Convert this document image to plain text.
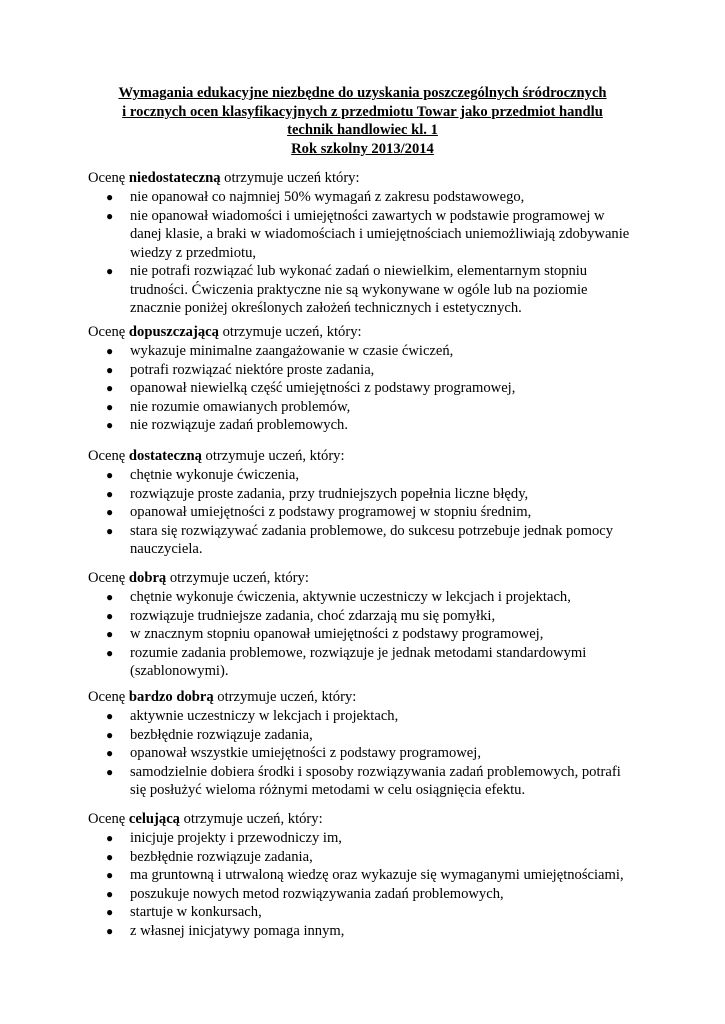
Wymagania edukacyjne niezbędne do uzyskania poszczególnych śródrocznych
i rocznych ocen klasyfikacyjnych z przedmiotu Towar jako przedmiot handlu
technik handlowiec kl. 1
Rok szkolny 2013/2014
Ocenę niedostateczną otrzymuje uczeń który:
● nie opanował co najmniej 50% wymagań z zakresu podstawowego,
● nie opanował wiadomości i umiejętności zawartych w podstawie programowej w
danej klasie, a braki w wiadomościach i umiejętnościach uniemożliwiają zdobywanie
wiedzy z przedmiotu,
● nie potrafi rozwiązać lub wykonać zadań o niewielkim, elementarnym stopniu
trudności. Ćwiczenia praktyczne nie są wykonywane w ogóle lub na poziomie
znacznie poniżej określonych założeń technicznych i estetycznych.
Ocenę dopuszczającą otrzymuje uczeń, który:
● wykazuje minimalne zaangażowanie w czasie ćwiczeń,
● potrafi rozwiązać niektóre proste zadania,
● opanował niewielką część umiejętności z podstawy programowej,
● nie rozumie omawianych problemów,
● nie rozwiązuje zadań problemowych.
Ocenę dostateczną otrzymuje uczeń, który:
● chętnie wykonuje ćwiczenia,
● rozwiązuje proste zadania, przy trudniejszych popełnia liczne błędy,
● opanował umiejętności z podstawy programowej w stopniu średnim,
● stara się rozwiązywać zadania problemowe, do sukcesu potrzebuje jednak pomocy
nauczyciela.
Ocenę dobrą otrzymuje uczeń, który:
● chętnie wykonuje ćwiczenia, aktywnie uczestniczy w lekcjach i projektach,
● rozwiązuje trudniejsze zadania, choć zdarzają mu się pomyłki,
● w znacznym stopniu opanował umiejętności z podstawy programowej,
● rozumie zadania problemowe, rozwiązuje je jednak metodami standardowymi
(szablonowymi).
Ocenę bardzo dobrą otrzymuje uczeń, który:
● aktywnie uczestniczy w lekcjach i projektach,
● bezbłędnie rozwiązuje zadania,
● opanował wszystkie umiejętności z podstawy programowej,
● samodzielnie dobiera środki i sposoby rozwiązywania zadań problemowych, potrafi
się posłużyć wieloma różnymi metodami w celu osiągnięcia efektu.
Ocenę celującą otrzymuje uczeń, który:
● inicjuje projekty i przewodniczy im,
● bezbłędnie rozwiązuje zadania,
● ma gruntowną i utrwaloną wiedzę oraz wykazuje się wymaganymi umiejętnościami,
● poszukuje nowych metod rozwiązywania zadań problemowych,
● startuje w konkursach,
● z własnej inicjatywy pomaga innym,
